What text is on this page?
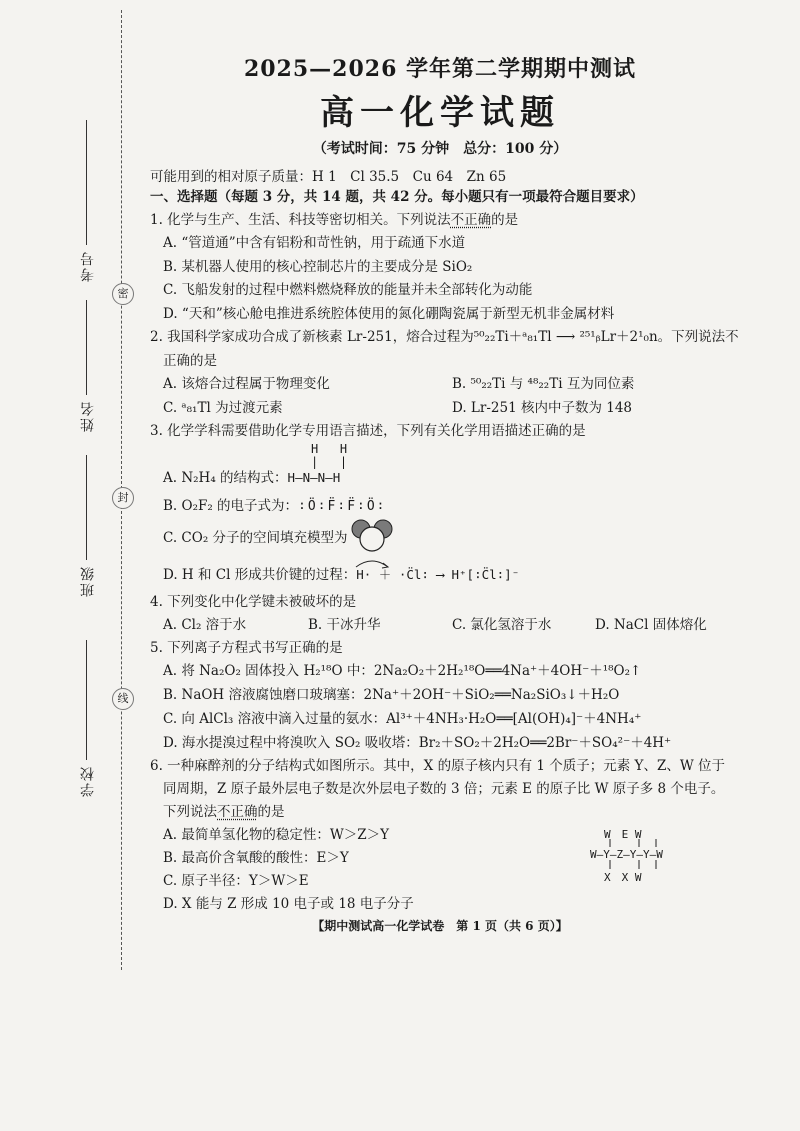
密
封
线
考号
姓名
班级
学校
2025—2026 学年第二学期期中测试
高一化学试题
（考试时间：75 分钟　总分：100 分）
可能用到的相对原子质量：H 1　Cl 35.5　Cu 64　Zn 65
一、选择题（每题 3 分，共 14 题，共 42 分。每小题只有一项最符合题目要求）
1. 化学与生产、生活、科技等密切相关。下列说法不正确的是
A. “管道通”中含有铝粉和苛性钠，用于疏通下水道
B. 某机器人使用的核心控制芯片的主要成分是 SiO₂
C. 飞船发射的过程中燃料燃烧释放的能量并未全部转化为动能
D. “天和”核心舱电推进系统腔体使用的氮化硼陶瓷属于新型无机非金属材料
2. 我国科学家成功合成了新核素 Lr-251，熔合过程为⁵⁰₂₂Ti＋ᵃ₈₁Tl ⟶ ²⁵¹ᵦLr＋2¹₀n。下列说法不
正确的是
A. 该熔合过程属于物理变化	B. ⁵⁰₂₂Ti 与 ⁴⁸₂₂Ti 互为同位素
C. ᵃ₈₁Tl 为过渡元素	D. Lr-251 核内中子数为 148
3. 化学学科需要借助化学专用语言描述，下列有关化学用语描述正确的是
H   H
|   |
A. N₂H₄ 的结构式：H—N—N—H
B. O₂F₂ 的电子式为：∶Ö∶F̈∶F̈∶Ö∶
C. CO₂ 分子的空间填充模型为
D. H 和 Cl 形成共价键的过程：H· ＋ ·C̈l∶ ⟶ H⁺[∶C̈l∶]⁻
4. 下列变化中化学键未被破坏的是
A. Cl₂ 溶于水	B. 干冰升华	C. 氯化氢溶于水	D. NaCl 固体熔化
5. 下列离子方程式书写正确的是
A. 将 Na₂O₂ 固体投入 H₂¹⁸O 中：2Na₂O₂＋2H₂¹⁸O══4Na⁺＋4OH⁻＋¹⁸O₂↑
B. NaOH 溶液腐蚀磨口玻璃塞：2Na⁺＋2OH⁻＋SiO₂══Na₂SiO₃↓＋H₂O
C. 向 AlCl₃ 溶液中滴入过量的氨水：Al³⁺＋4NH₃·H₂O══[Al(OH)₄]⁻＋4NH₄⁺
D. 海水提溴过程中将溴吹入 SO₂ 吸收塔：Br₂＋SO₂＋2H₂O══2Br⁻＋SO₄²⁻＋4H⁺
6. 一种麻醉剂的分子结构式如图所示。其中，X 的原子核内只有 1 个质子；元素 Y、Z、W 位于
同周期，Z 原子最外层电子数是次外层电子数的 3 倍；元素 E 的原子比 W 原子多 8 个电子。
下列说法不正确的是
A. 最简单氢化物的稳定性：W＞Z＞Y
B. 最高价含氧酸的酸性：E＞Y
C. 原子半径：Y＞W＞E
D. X 能与 Z 形成 10 电子或 18 电子分子
W　E W
W—Y—Z—Y—Y—W
X　X W
【期中测试高一化学试卷　第 1 页（共 6 页）】
